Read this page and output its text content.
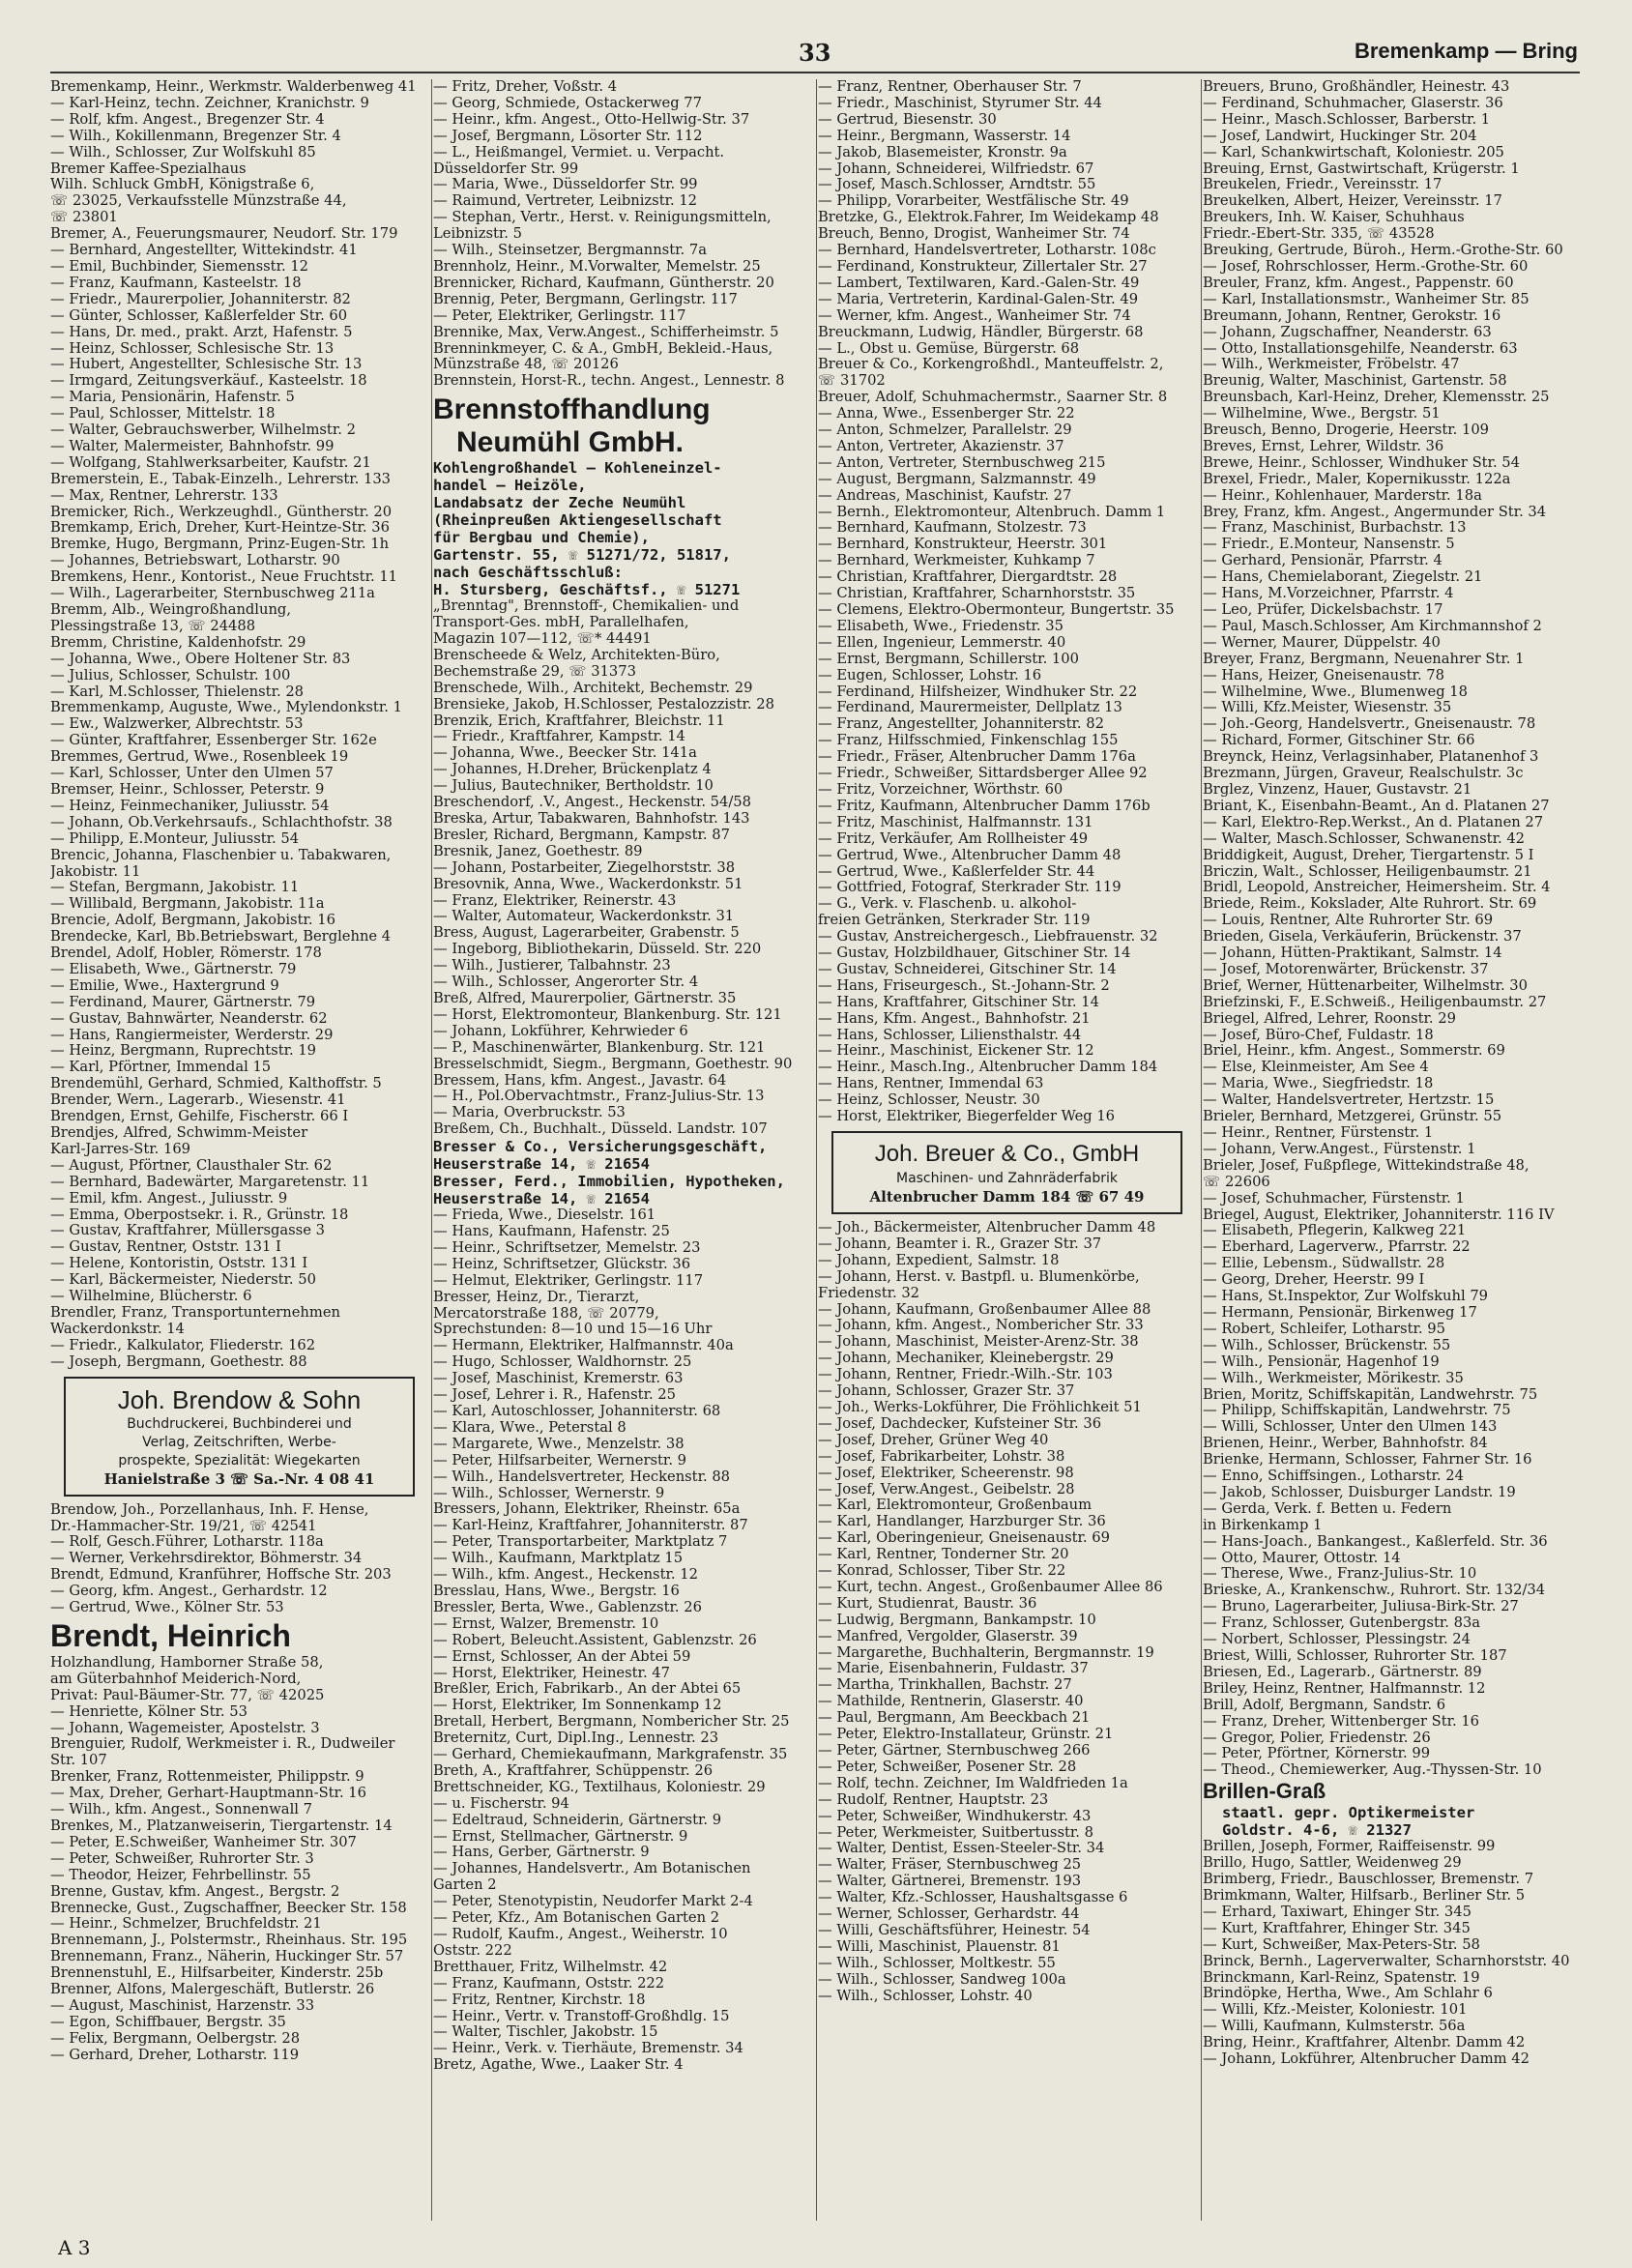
33	Bremenkamp — Bring
Bremenkamp, Heinr., Werkmstr. Walderbenweg 41
— Karl-Heinz, techn. Zeichner, Kranichstr. 9
— Rolf, kfm. Angest., Bregenzer Str. 4
— Wilh., Kokillenmann, Bregenzer Str. 4
— Wilh., Schlosser, Zur Wolfskuhl 85
Bremer Kaffee-Spezialhaus
Wilh. Schluck GmbH, Königstraße 6,
☏ 23025, Verkaufsstelle Münzstraße 44,
☏ 23801
Bremer, A., Feuerungsmaurer, Neudorf. Str. 179
— Bernhard, Angestellter, Wittekindstr. 41
— Emil, Buchbinder, Siemensstr. 12
— Franz, Kaufmann, Kasteelstr. 18
— Friedr., Maurerpolier, Johanniterstr. 82
— Günter, Schlosser, Kaßlerfelder Str. 60
— Hans, Dr. med., prakt. Arzt, Hafenstr. 5
— Heinz, Schlosser, Schlesische Str. 13
— Hubert, Angestellter, Schlesische Str. 13
— Irmgard, Zeitungsverkäuf., Kasteelstr. 18
— Maria, Pensionärin, Hafenstr. 5
— Paul, Schlosser, Mittelstr. 18
— Walter, Gebrauchswerber, Wilhelmstr. 2
— Walter, Malermeister, Bahnhofstr. 99
— Wolfgang, Stahlwerksarbeiter, Kaufstr. 21
Bremerstein, E., Tabak-Einzelh., Lehrerstr. 133
— Max, Rentner, Lehrerstr. 133
Bremicker, Rich., Werkzeughdl., Güntherstr. 20
Bremkamp, Erich, Dreher, Kurt-Heintze-Str. 36
Bremke, Hugo, Bergmann, Prinz-Eugen-Str. 1h
— Johannes, Betriebswart, Lotharstr. 90
Bremkens, Henr., Kontorist., Neue Fruchtstr. 11
— Wilh., Lagerarbeiter, Sternbuschweg 211a
Bremm, Alb., Weingroßhandlung,
Plessingstraße 13, ☏ 24488
Bremm, Christine, Kaldenhofstr. 29
— Johanna, Wwe., Obere Holtener Str. 83
— Julius, Schlosser, Schulstr. 100
— Karl, M.Schlosser, Thielenstr. 28
Bremmenkamp, Auguste, Wwe., Mylendonkstr. 1
— Ew., Walzwerker, Albrechtstr. 53
— Günter, Kraftfahrer, Essenberger Str. 162e
Bremmes, Gertrud, Wwe., Rosenbleek 19
— Karl, Schlosser, Unter den Ulmen 57
Bremser, Heinr., Schlosser, Peterstr. 9
— Heinz, Feinmechaniker, Juliusstr. 54
— Johann, Ob.Verkehrsaufs., Schlachthofstr. 38
— Philipp, E.Monteur, Juliusstr. 54
Brencic, Johanna, Flaschenbier u. Tabakwaren,
Jakobistr. 11
— Stefan, Bergmann, Jakobistr. 11
— Willibald, Bergmann, Jakobistr. 11a
Brencie, Adolf, Bergmann, Jakobistr. 16
Brendecke, Karl, Bb.Betriebswart, Berglehne 4
Brendel, Adolf, Hobler, Römerstr. 178
— Elisabeth, Wwe., Gärtnerstr. 79
— Emilie, Wwe., Haxtergrund 9
— Ferdinand, Maurer, Gärtnerstr. 79
— Gustav, Bahnwärter, Neanderstr. 62
— Hans, Rangiermeister, Werderstr. 29
— Heinz, Bergmann, Ruprechtstr. 19
— Karl, Pförtner, Immendal 15
Brendemühl, Gerhard, Schmied, Kalthoffstr. 5
Brender, Wern., Lagerarb., Wiesenstr. 41
Brendgen, Ernst, Gehilfe, Fischerstr. 66 I
Brendjes, Alfred, Schwimm-Meister
Karl-Jarres-Str. 169
— August, Pförtner, Clausthaler Str. 62
— Bernhard, Badewärter, Margaretenstr. 11
— Emil, kfm. Angest., Juliusstr. 9
— Emma, Oberpostsekr. i. R., Grünstr. 18
— Gustav, Kraftfahrer, Müllersgasse 3
— Gustav, Rentner, Oststr. 131 I
— Helene, Kontoristin, Oststr. 131 I
— Karl, Bäckermeister, Niederstr. 50
— Wilhelmine, Blücherstr. 6
Brendler, Franz, Transportunternehmen
Wackerdonkstr. 14
— Friedr., Kalkulator, Fliederstr. 162
— Joseph, Bergmann, Goethestr. 88
Joh. Brendow & Sohn
Buchdruckerei, Buchbinderei und
Verlag, Zeitschriften, Werbe-
prospekte, Spezialität: Wiegekarten
Hanielstraße 3 ☏ Sa.-Nr. 4 08 41
Brendow, Joh., Porzellanhaus, Inh. F. Hense,
Dr.-Hammacher-Str. 19/21, ☏ 42541
— Rolf, Gesch.Führer, Lotharstr. 118a
— Werner, Verkehrsdirektor, Böhmerstr. 34
Brendt, Edmund, Kranführer, Hoffsche Str. 203
— Georg, kfm. Angest., Gerhardstr. 12
— Gertrud, Wwe., Kölner Str. 53
Brendt, Heinrich
Holzhandlung, Hamborner Straße 58,
am Güterbahnhof Meiderich-Nord,
Privat: Paul-Bäumer-Str. 77, ☏ 42025
— Henriette, Kölner Str. 53
— Johann, Wagemeister, Apostelstr. 3
Brenguier, Rudolf, Werkmeister i. R., Dudweiler
Str. 107
Brenker, Franz, Rottenmeister, Philippstr. 9
— Max, Dreher, Gerhart-Hauptmann-Str. 16
— Wilh., kfm. Angest., Sonnenwall 7
Brenkes, M., Platzanweiserin, Tiergartenstr. 14
— Peter, E.Schweißer, Wanheimer Str. 307
— Peter, Schweißer, Ruhrorter Str. 3
— Theodor, Heizer, Fehrbellinstr. 55
Brenne, Gustav, kfm. Angest., Bergstr. 2
Brennecke, Gust., Zugschaffner, Beecker Str. 158
— Heinr., Schmelzer, Bruchfeldstr. 21
Brennemann, J., Polstermstr., Rheinhaus. Str. 195
Brennemann, Franz., Näherin, Huckinger Str. 57
Brennenstuhl, E., Hilfsarbeiter, Kinderstr. 25b
Brenner, Alfons, Malergeschäft, Butlerstr. 26
— August, Maschinist, Harzenstr. 33
— Egon, Schiffbauer, Bergstr. 35
— Felix, Bergmann, Oelbergstr. 28
— Gerhard, Dreher, Lotharstr. 119
— Fritz, Dreher, Voßstr. 4
— Georg, Schmiede, Ostackerweg 77
— Heinr., kfm. Angest., Otto-Hellwig-Str. 37
— Josef, Bergmann, Lösorter Str. 112
— L., Heißmangel, Vermiet. u. Verpacht.
Düsseldorfer Str. 99
— Maria, Wwe., Düsseldorfer Str. 99
— Raimund, Vertreter, Leibnizstr. 12
— Stephan, Vertr., Herst. v. Reinigungsmitteln,
Leibnizstr. 5
— Wilh., Steinsetzer, Bergmannstr. 7a
Brennholz, Heinr., M.Vorwalter, Memelstr. 25
Brennicker, Richard, Kaufmann, Güntherstr. 20
Brennig, Peter, Bergmann, Gerlingstr. 117
— Peter, Elektriker, Gerlingstr. 117
Brennike, Max, Verw.Angest., Schifferheimstr. 5
Brenninkmeyer, C. & A., GmbH, Bekleid.-Haus,
Münzstraße 48, ☏ 20126
Brennstein, Horst-R., techn. Angest., Lennestr. 8
Brennstoffhandlung
Neumühl GmbH.
Kohlengroßhandel — Kohleneinzel-
handel — Heizöle,
Landabsatz der Zeche Neumühl
(Rheinpreußen Aktiengesellschaft
für Bergbau und Chemie),
Gartenstr. 55, ☏ 51271/72, 51817,
nach Geschäftsschluß:
H. Stursberg, Geschäftsf., ☏ 51271
„Brenntag", Brennstoff-, Chemikalien- und
Transport-Ges. mbH, Parallelhafen,
Magazin 107—112, ☏* 44491
Brenscheede & Welz, Architekten-Büro,
Bechemstraße 29, ☏ 31373
Brenschede, Wilh., Architekt, Bechemstr. 29
Brensieke, Jakob, H.Schlosser, Pestalozzistr. 28
Brenzik, Erich, Kraftfahrer, Bleichstr. 11
— Friedr., Kraftfahrer, Kampstr. 14
— Johanna, Wwe., Beecker Str. 141a
— Johannes, H.Dreher, Brückenplatz 4
— Julius, Bautechniker, Bertholdstr. 10
Breschendorf, .V., Angest., Heckenstr. 54/58
Breska, Artur, Tabakwaren, Bahnhofstr. 143
Bresler, Richard, Bergmann, Kampstr. 87
Bresnik, Janez, Goethestr. 89
— Johann, Postarbeiter, Ziegelhorststr. 38
Bresovnik, Anna, Wwe., Wackerdonkstr. 51
— Franz, Elektriker, Reinerstr. 43
— Walter, Automateur, Wackerdonkstr. 31
Bress, August, Lagerarbeiter, Grabenstr. 5
— Ingeborg, Bibliothekarin, Düsseld. Str. 220
— Wilh., Justierer, Talbahnstr. 23
— Wilh., Schlosser, Angerorter Str. 4
Breß, Alfred, Maurerpolier, Gärtnerstr. 35
— Horst, Elektromonteur, Blankenburg. Str. 121
— Johann, Lokführer, Kehrwieder 6
— P., Maschinenwärter, Blankenburg. Str. 121
Bresselschmidt, Siegm., Bergmann, Goethestr. 90
Bressem, Hans, kfm. Angest., Javastr. 64
— H., Pol.Obervachtmstr., Franz-Julius-Str. 13
— Maria, Overbruckstr. 53
Breßem, Ch., Buchhalt., Düsseld. Landstr. 107
Bresser & Co., Versicherungsgeschäft,
Heuserstraße 14, ☏ 21654
Bresser, Ferd., Immobilien, Hypotheken,
Heuserstraße 14, ☏ 21654
— Frieda, Wwe., Dieselstr. 161
— Hans, Kaufmann, Hafenstr. 25
— Heinr., Schriftsetzer, Memelstr. 23
— Heinz, Schriftsetzer, Glückstr. 36
— Helmut, Elektriker, Gerlingstr. 117
Bresser, Heinz, Dr., Tierarzt,
Mercatorstraße 188, ☏ 20779,
Sprechstunden: 8—10 und 15—16 Uhr
— Hermann, Elektriker, Halfmannstr. 40a
— Hugo, Schlosser, Waldhornstr. 25
— Josef, Maschinist, Kremerstr. 63
— Josef, Lehrer i. R., Hafenstr. 25
— Karl, Autoschlosser, Johanniterstr. 68
— Klara, Wwe., Peterstal 8
— Margarete, Wwe., Menzelstr. 38
— Peter, Hilfsarbeiter, Wernerstr. 9
— Wilh., Handelsvertreter, Heckenstr. 88
— Wilh., Schlosser, Wernerstr. 9
Bressers, Johann, Elektriker, Rheinstr. 65a
— Karl-Heinz, Kraftfahrer, Johanniterstr. 87
— Peter, Transportarbeiter, Marktplatz 7
— Wilh., Kaufmann, Marktplatz 15
— Wilh., kfm. Angest., Heckenstr. 12
Bresslau, Hans, Wwe., Bergstr. 16
Bressler, Berta, Wwe., Gablenzstr. 26
— Ernst, Walzer, Bremenstr. 10
— Robert, Beleucht.Assistent, Gablenzstr. 26
— Ernst, Schlosser, An der Abtei 59
— Horst, Elektriker, Heinestr. 47
Breßler, Erich, Fabrikarb., An der Abtei 65
— Horst, Elektriker, Im Sonnenkamp 12
Bretall, Herbert, Bergmann, Nombericher Str. 25
Breternitz, Curt, Dipl.Ing., Lennestr. 23
— Gerhard, Chemiekaufmann, Markgrafenstr. 35
Breth, A., Kraftfahrer, Schüppenstr. 26
Brettschneider, KG., Textilhaus, Koloniestr. 29
— u. Fischerstr. 94
— Edeltraud, Schneiderin, Gärtnerstr. 9
— Ernst, Stellmacher, Gärtnerstr. 9
— Hans, Gerber, Gärtnerstr. 9
— Johannes, Handelsvertr., Am Botanischen
Garten 2
— Peter, Stenotypistin, Neudorfer Markt 2-4
— Peter, Kfz., Am Botanischen Garten 2
— Rudolf, Kaufm., Angest., Weiherstr. 10
Oststr. 222
Bretthauer, Fritz, Wilhelmstr. 42
— Franz, Kaufmann, Oststr. 222
— Fritz, Rentner, Kirchstr. 18
— Heinr., Vertr. v. Transtoff-Großhdlg. 15
— Walter, Tischler, Jakobstr. 15
— Heinr., Verk. v. Tierhäute, Bremenstr. 34
Bretz, Agathe, Wwe., Laaker Str. 4
— Franz, Rentner, Oberhauser Str. 7
— Friedr., Maschinist, Styrumer Str. 44
— Gertrud, Biesenstr. 30
— Heinr., Bergmann, Wasserstr. 14
— Jakob, Blasemeister, Kronstr. 9a
— Johann, Schneiderei, Wilfriedstr. 67
— Josef, Masch.Schlosser, Arndtstr. 55
— Philipp, Vorarbeiter, Westfälische Str. 49
Bretzke, G., Elektrok.Fahrer, Im Weidekamp 48
Breuch, Benno, Drogist, Wanheimer Str. 74
— Bernhard, Handelsvertreter, Lotharstr. 108c
— Ferdinand, Konstrukteur, Zillertaler Str. 27
— Lambert, Textilwaren, Kard.-Galen-Str. 49
— Maria, Vertreterin, Kardinal-Galen-Str. 49
— Werner, kfm. Angest., Wanheimer Str. 74
Breuckmann, Ludwig, Händler, Bürgerstr. 68
— L., Obst u. Gemüse, Bürgerstr. 68
Breuer & Co., Korkengroßhdl., Manteuffelstr. 2,
☏ 31702
Breuer, Adolf, Schuhmachermstr., Saarner Str. 8
— Anna, Wwe., Essenberger Str. 22
— Anton, Schmelzer, Parallelstr. 29
— Anton, Vertreter, Akazienstr. 37
— Anton, Vertreter, Sternbuschweg 215
— August, Bergmann, Salzmannstr. 49
— Andreas, Maschinist, Kaufstr. 27
— Bernh., Elektromonteur, Altenbruch. Damm 1
— Bernhard, Kaufmann, Stolzestr. 73
— Bernhard, Konstrukteur, Heerstr. 301
— Bernhard, Werkmeister, Kuhkamp 7
— Christian, Kraftfahrer, Diergardtstr. 28
— Christian, Kraftfahrer, Scharnhorststr. 35
— Clemens, Elektro-Obermonteur, Bungertstr. 35
— Elisabeth, Wwe., Friedenstr. 35
— Ellen, Ingenieur, Lemmerstr. 40
— Ernst, Bergmann, Schillerstr. 100
— Eugen, Schlosser, Lohstr. 16
— Ferdinand, Hilfsheizer, Windhuker Str. 22
— Ferdinand, Maurermeister, Dellplatz 13
— Franz, Angestellter, Johanniterstr. 82
— Franz, Hilfsschmied, Finkenschlag 155
— Friedr., Fräser, Altenbrucher Damm 176a
— Friedr., Schweißer, Sittardsberger Allee 92
— Fritz, Vorzeichner, Wörthstr. 60
— Fritz, Kaufmann, Altenbrucher Damm 176b
— Fritz, Maschinist, Halfmannstr. 131
— Fritz, Verkäufer, Am Rollheister 49
— Gertrud, Wwe., Altenbrucher Damm 48
— Gertrud, Wwe., Kaßlerfelder Str. 44
— Gottfried, Fotograf, Sterkrader Str. 119
— G., Verk. v. Flaschenb. u. alkohol-
freien Getränken, Sterkrader Str. 119
— Gustav, Anstreichergesch., Liebfrauenstr. 32
— Gustav, Holzbildhauer, Gitschiner Str. 14
— Gustav, Schneiderei, Gitschiner Str. 14
— Hans, Friseurgesch., St.-Johann-Str. 2
— Hans, Kraftfahrer, Gitschiner Str. 14
— Hans, Kfm. Angest., Bahnhofstr. 21
— Hans, Schlosser, Liliensthalstr. 44
— Heinr., Maschinist, Eickener Str. 12
— Heinr., Masch.Ing., Altenbrucher Damm 184
— Hans, Rentner, Immendal 63
— Heinz, Schlosser, Neustr. 30
— Horst, Elektriker, Biegerfelder Weg 16
Joh. Breuer & Co., GmbH
Maschinen- und Zahnräderfabrik
Altenbrucher Damm 184 ☏ 67 49
— Joh., Bäckermeister, Altenbrucher Damm 48
— Johann, Beamter i. R., Grazer Str. 37
— Johann, Expedient, Salmstr. 18
— Johann, Herst. v. Bastpfl. u. Blumenkörbe,
Friedenstr. 32
— Johann, Kaufmann, Großenbaumer Allee 88
— Johann, kfm. Angest., Nombericher Str. 33
— Johann, Maschinist, Meister-Arenz-Str. 38
— Johann, Mechaniker, Kleinebergstr. 29
— Johann, Rentner, Friedr.-Wilh.-Str. 103
— Johann, Schlosser, Grazer Str. 37
— Joh., Werks-Lokführer, Die Fröhlichkeit 51
— Josef, Dachdecker, Kufsteiner Str. 36
— Josef, Dreher, Grüner Weg 40
— Josef, Fabrikarbeiter, Lohstr. 38
— Josef, Elektriker, Scheerenstr. 98
— Josef, Verw.Angest., Geibelstr. 28
— Karl, Elektromonteur, Großenbaum
— Karl, Handlanger, Harzburger Str. 36
— Karl, Oberingenieur, Gneisenaustr. 69
— Karl, Rentner, Tonderner Str. 20
— Konrad, Schlosser, Tiber Str. 22
— Kurt, techn. Angest., Großenbaumer Allee 86
— Kurt, Studienrat, Baustr. 36
— Ludwig, Bergmann, Bankampstr. 10
— Manfred, Vergolder, Glaserstr. 39
— Margarethe, Buchhalterin, Bergmannstr. 19
— Marie, Eisenbahnerin, Fuldastr. 37
— Martha, Trinkhallen, Bachstr. 27
— Mathilde, Rentnerin, Glaserstr. 40
— Paul, Bergmann, Am Beeckbach 21
— Peter, Elektro-Installateur, Grünstr. 21
— Peter, Gärtner, Sternbuschweg 266
— Peter, Schweißer, Posener Str. 28
— Rolf, techn. Zeichner, Im Waldfrieden 1a
— Rudolf, Rentner, Hauptstr. 23
— Peter, Schweißer, Windhukerstr. 43
— Peter, Werkmeister, Suitbertusstr. 8
— Walter, Dentist, Essen-Steeler-Str. 34
— Walter, Fräser, Sternbuschweg 25
— Walter, Gärtnerei, Bremenstr. 193
— Walter, Kfz.-Schlosser, Haushaltsgasse 6
— Werner, Schlosser, Gerhardstr. 44
— Willi, Geschäftsführer, Heinestr. 54
— Willi, Maschinist, Plauenstr. 81
— Wilh., Schlosser, Moltkestr. 55
— Wilh., Schlosser, Sandweg 100a
— Wilh., Schlosser, Lohstr. 40
Breuers, Bruno, Großhändler, Heinestr. 43
— Ferdinand, Schuhmacher, Glaserstr. 36
— Heinr., Masch.Schlosser, Barberstr. 1
— Josef, Landwirt, Huckinger Str. 204
— Karl, Schankwirtschaft, Koloniestr. 205
Breuing, Ernst, Gastwirtschaft, Krügerstr. 1
Breukelen, Friedr., Vereinsstr. 17
Breukelken, Albert, Heizer, Vereinsstr. 17
Breukers, Inh. W. Kaiser, Schuhhaus
Friedr.-Ebert-Str. 335, ☏ 43528
Breuking, Gertrude, Büroh., Herm.-Grothe-Str. 60
— Josef, Rohrschlosser, Herm.-Grothe-Str. 60
Breuler, Franz, kfm. Angest., Pappenstr. 60
— Karl, Installationsmstr., Wanheimer Str. 85
Breumann, Johann, Rentner, Gerokstr. 16
— Johann, Zugschaffner, Neanderstr. 63
— Otto, Installationsgehilfe, Neanderstr. 63
— Wilh., Werkmeister, Fröbelstr. 47
Breunig, Walter, Maschinist, Gartenstr. 58
Breunsbach, Karl-Heinz, Dreher, Klemensstr. 25
— Wilhelmine, Wwe., Bergstr. 51
Breusch, Benno, Drogerie, Heerstr. 109
Breves, Ernst, Lehrer, Wildstr. 36
Brewe, Heinr., Schlosser, Windhuker Str. 54
Brexel, Friedr., Maler, Kopernikusstr. 122a
— Heinr., Kohlenhauer, Marderstr. 18a
Brey, Franz, kfm. Angest., Angermunder Str. 34
— Franz, Maschinist, Burbachstr. 13
— Friedr., E.Monteur, Nansenstr. 5
— Gerhard, Pensionär, Pfarrstr. 4
— Hans, Chemielaborant, Ziegelstr. 21
— Hans, M.Vorzeichner, Pfarrstr. 4
— Leo, Prüfer, Dickelsbachstr. 17
— Paul, Masch.Schlosser, Am Kirchmannshof 2
— Werner, Maurer, Düppelstr. 40
Breyer, Franz, Bergmann, Neuenahrer Str. 1
— Hans, Heizer, Gneisenaustr. 78
— Wilhelmine, Wwe., Blumenweg 18
— Willi, Kfz.Meister, Wiesenstr. 35
— Joh.-Georg, Handelsvertr., Gneisenaustr. 78
— Richard, Former, Gitschiner Str. 66
Breynck, Heinz, Verlagsinhaber, Platanenhof 3
Brezmann, Jürgen, Graveur, Realschulstr. 3c
Brglez, Vinzenz, Hauer, Gustavstr. 21
Briant, K., Eisenbahn-Beamt., An d. Platanen 27
— Karl, Elektro-Rep.Werkst., An d. Platanen 27
— Walter, Masch.Schlosser, Schwanenstr. 42
Briddigkeit, August, Dreher, Tiergartenstr. 5 I
Briczin, Walt., Schlosser, Heiligenbaumstr. 21
Bridl, Leopold, Anstreicher, Heimersheim. Str. 4
Briede, Reim., Kokslader, Alte Ruhrort. Str. 69
— Louis, Rentner, Alte Ruhrorter Str. 69
Brieden, Gisela, Verkäuferin, Brückenstr. 37
— Johann, Hütten-Praktikant, Salmstr. 14
— Josef, Motorenwärter, Brückenstr. 37
Brief, Werner, Hüttenarbeiter, Wilhelmstr. 30
Briefzinski, F., E.Schweiß., Heiligenbaumstr. 27
Briegel, Alfred, Lehrer, Roonstr. 29
— Josef, Büro-Chef, Fuldastr. 18
Briel, Heinr., kfm. Angest., Sommerstr. 69
— Else, Kleinmeister, Am See 4
— Maria, Wwe., Siegfriedstr. 18
— Walter, Handelsvertreter, Hertzstr. 15
Brieler, Bernhard, Metzgerei, Grünstr. 55
— Heinr., Rentner, Fürstenstr. 1
— Johann, Verw.Angest., Fürstenstr. 1
Brieler, Josef, Fußpflege, Wittekindstraße 48,
☏ 22606
— Josef, Schuhmacher, Fürstenstr. 1
Briegel, August, Elektriker, Johanniterstr. 116 IV
— Elisabeth, Pflegerin, Kalkweg 221
— Eberhard, Lagerverw., Pfarrstr. 22
— Ellie, Lebensm., Südwallstr. 28
— Georg, Dreher, Heerstr. 99 I
— Hans, St.Inspektor, Zur Wolfskuhl 79
— Hermann, Pensionär, Birkenweg 17
— Robert, Schleifer, Lotharstr. 95
— Wilh., Schlosser, Brückenstr. 55
— Wilh., Pensionär, Hagenhof 19
— Wilh., Werkmeister, Mörikestr. 35
Brien, Moritz, Schiffskapitän, Landwehrstr. 75
— Philipp, Schiffskapitän, Landwehrstr. 75
— Willi, Schlosser, Unter den Ulmen 143
Brienen, Heinr., Werber, Bahnhofstr. 84
Brienke, Hermann, Schlosser, Fahrner Str. 16
— Enno, Schiffsingen., Lotharstr. 24
— Jakob, Schlosser, Duisburger Landstr. 19
— Gerda, Verk. f. Betten u. Federn
in Birkenkamp 1
— Hans-Joach., Bankangest., Kaßlerfeld. Str. 36
— Otto, Maurer, Ottostr. 14
— Therese, Wwe., Franz-Julius-Str. 10
Brieske, A., Krankenschw., Ruhrort. Str. 132/34
— Bruno, Lagerarbeiter, Juliusa-Birk-Str. 27
— Franz, Schlosser, Gutenbergstr. 83a
— Norbert, Schlosser, Plessingstr. 24
Briest, Willi, Schlosser, Ruhrorter Str. 187
Briesen, Ed., Lagerarb., Gärtnerstr. 89
Briley, Heinz, Rentner, Halfmannstr. 12
Brill, Adolf, Bergmann, Sandstr. 6
— Franz, Dreher, Wittenberger Str. 16
— Gregor, Polier, Friedenstr. 26
— Peter, Pförtner, Körnerstr. 99
— Theod., Chemiewerker, Aug.-Thyssen-Str. 10
Brillen-Graß
staatl. gepr. Optikermeister
Goldstr. 4-6, ☏ 21327
Brillen, Joseph, Former, Raiffeisenstr. 99
Brillo, Hugo, Sattler, Weidenweg 29
Brimberg, Friedr., Bauschlosser, Bremenstr. 7
Brimkmann, Walter, Hilfsarb., Berliner Str. 5
— Erhard, Taxiwart, Ehinger Str. 345
— Kurt, Kraftfahrer, Ehinger Str. 345
— Kurt, Schweißer, Max-Peters-Str. 58
Brinck, Bernh., Lagerverwalter, Scharnhorststr. 40
Brinckmann, Karl-Reinz, Spatenstr. 19
Brindöpke, Hertha, Wwe., Am Schlahr 6
— Willi, Kfz.-Meister, Koloniestr. 101
— Willi, Kaufmann, Kulmsterstr. 56a
Bring, Heinr., Kraftfahrer, Altenbr. Damm 42
— Johann, Lokführer, Altenbrucher Damm 42
A 3
